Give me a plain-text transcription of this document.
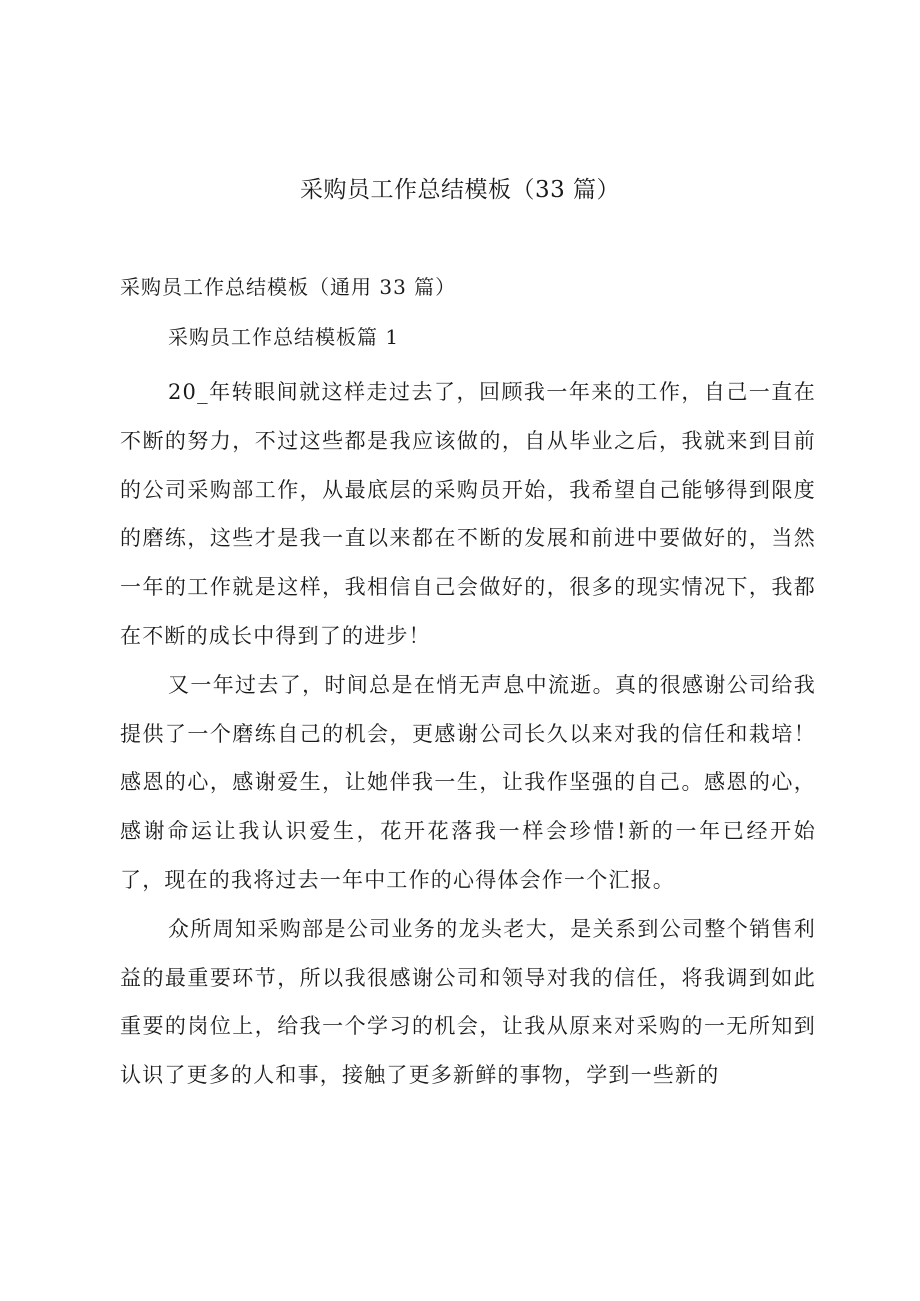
采购员工作总结模板（33 篇）

采购员工作总结模板（通用 33 篇）

采购员工作总结模板篇 1

20_年转眼间就这样走过去了，回顾我一年来的工作，自己一直在不断的努力，不过这些都是我应该做的，自从毕业之后，我就来到目前的公司采购部工作，从最底层的采购员开始，我希望自己能够得到限度的磨练，这些才是我一直以来都在不断的发展和前进中要做好的，当然一年的工作就是这样，我相信自己会做好的，很多的现实情况下，我都在不断的成长中得到了的进步！

又一年过去了，时间总是在悄无声息中流逝。真的很感谢公司给我提供了一个磨练自己的机会，更感谢公司长久以来对我的信任和栽培！感恩的心，感谢爱生，让她伴我一生，让我作坚强的自己。感恩的心，感谢命运让我认识爱生，花开花落我一样会珍惜!新的一年已经开始了，现在的我将过去一年中工作的心得体会作一个汇报。

众所周知采购部是公司业务的龙头老大，是关系到公司整个销售利益的最重要环节，所以我很感谢公司和领导对我的信任，将我调到如此重要的岗位上，给我一个学习的机会，让我从原来对采购的一无所知到认识了更多的人和事，接触了更多新鲜的事物，学到一些新的
